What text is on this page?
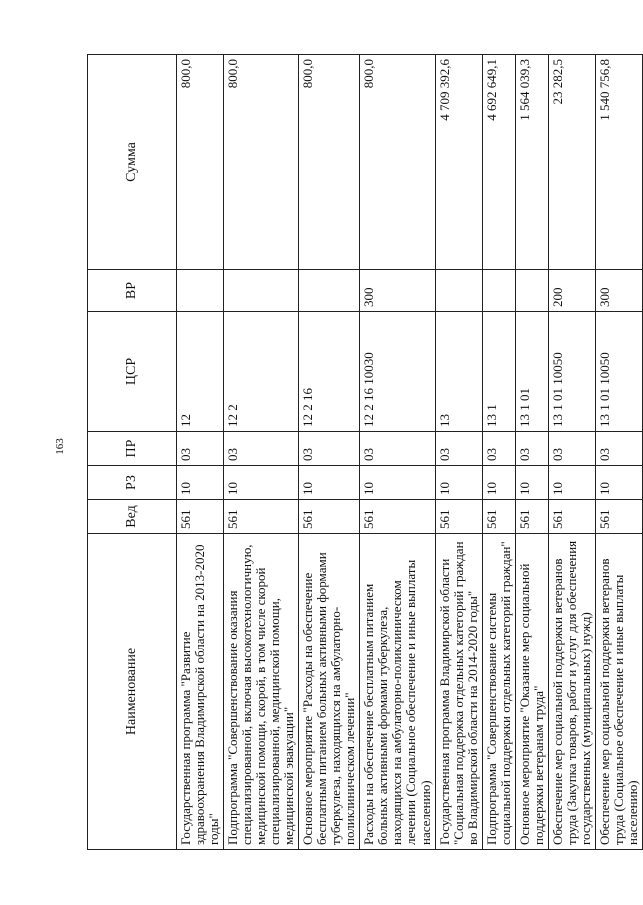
163
Наименование	Вед	РЗ	ПР	ЦСР	ВР	Сумма
Государственная программа "Развитие здравоохранения Владимирской области на 2013-2020 годы"	561	10	03	12		800,0
Подпрограмма "Совершенствование оказания специализированной, включая высокотехнологичную, медицинской помощи, скорой, в том числе скорой специализированной, медицинской помощи, медицинской эвакуации"	561	10	03	12 2		800,0
Основное мероприятие "Расходы на обеспечение бесплатным питанием больных активными формами туберкулеза, находящихся на амбулаторно-поликлиническом лечении"	561	10	03	12 2 16		800,0
Расходы на обеспечение бесплатным питанием больных активными формами туберкулеза, находящихся на амбулаторно-поликлиническом лечении (Социальное обеспечение и иные выплаты населению)	561	10	03	12 2 16 10030	300	800,0
Государственная программа Владимирской области "Социальная поддержка отдельных категорий граждан во Владимирской области на 2014-2020 годы"	561	10	03	13		4 709 392,6
Подпрограмма "Совершенствование системы социальной поддержки отдельных категорий граждан"	561	10	03	13 1		4 692 649,1
Основное мероприятие "Оказание мер социальной поддержки ветеранам труда"	561	10	03	13 1 01		1 564 039,3
Обеспечение мер социальной поддержки ветеранов труда (Закупка товаров, работ и услуг для обеспечения государственных (муниципальных) нужд)	561	10	03	13 1 01 10050	200	23 282,5
Обеспечение мер социальной поддержки ветеранов труда (Социальное обеспечение и иные выплаты населению)	561	10	03	13 1 01 10050	300	1 540 756,8
